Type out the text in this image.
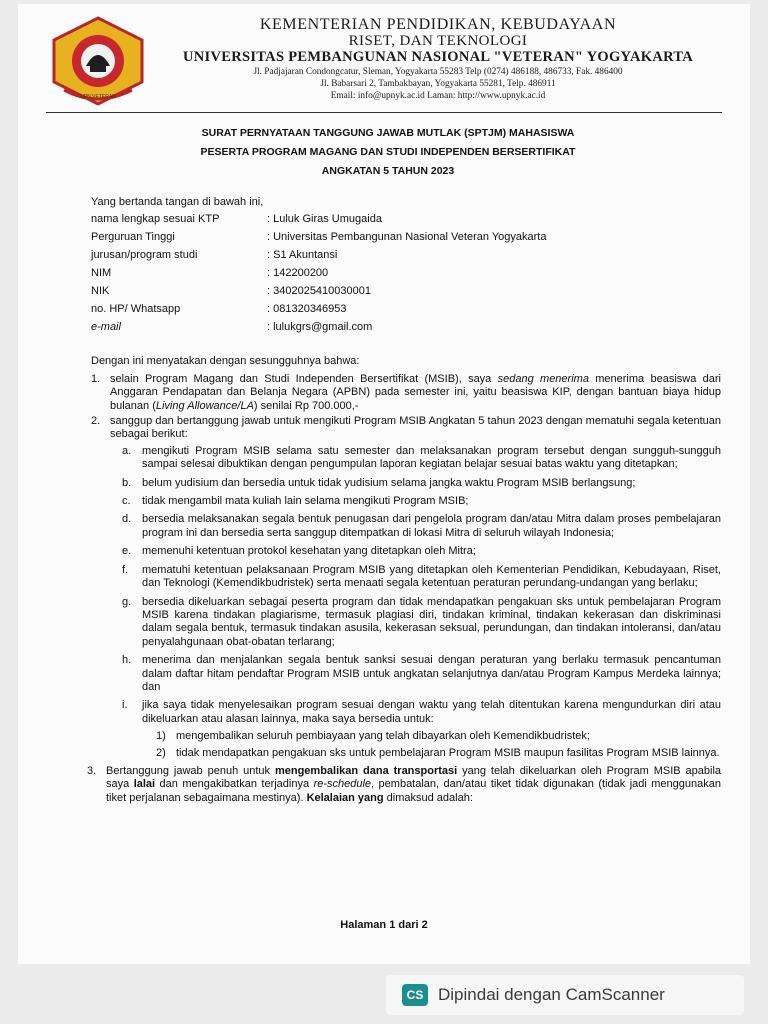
UPN VETERAN
KEMENTERIAN PENDIDIKAN, KEBUDAYAAN
RISET, DAN TEKNOLOGI
UNIVERSITAS PEMBANGUNAN NASIONAL "VETERAN" YOGYAKARTA
Jl. Padjajaran Condongcatur, Sleman, Yogyakarta 55283 Telp (0274) 486188, 486733, Fak. 486400
Jl. Babarsari 2, Tambakbayan, Yogyakarta 55281, Telp. 486911
Email: info@upnyk.ac.id Laman: http://www.upnyk.ac.id
SURAT PERNYATAAN TANGGUNG JAWAB MUTLAK (SPTJM) MAHASISWA
PESERTA PROGRAM MAGANG DAN STUDI INDEPENDEN BERSERTIFIKAT
ANGKATAN 5 TAHUN 2023
Yang bertanda tangan di bawah ini,
nama lengkap sesuai KTP	: Luluk Giras Umugaida
Perguruan Tinggi	: Universitas Pembangunan Nasional Veteran Yogyakarta
jurusan/program studi	: S1 Akuntansi
NIM	: 142200200
NIK	: 3402025410030001
no. HP/ Whatsapp	: 081320346953
e-mail	: lulukgrs@gmail.com
Dengan ini menyatakan dengan sesungguhnya bahwa:
1. selain Program Magang dan Studi Independen Bersertifikat (MSIB), saya sedang menerima menerima beasiswa dari Anggaran Pendapatan dan Belanja Negara (APBN) pada semester ini, yaitu beasiswa KIP, dengan bantuan biaya hidup bulanan (Living Allowance/LA) senilai Rp 700.000,-

2. sanggup dan bertanggung jawab untuk mengikuti Program MSIB Angkatan 5 tahun 2023 dengan mematuhi segala ketentuan sebagai berikut:

a. mengikuti Program MSIB selama satu semester dan melaksanakan program tersebut dengan sungguh-sungguh sampai selesai dibuktikan dengan pengumpulan laporan kegiatan belajar sesuai batas waktu yang ditetapkan;
b. belum yudisium dan bersedia untuk tidak yudisium selama jangka waktu Program MSIB berlangsung;
c. tidak mengambil mata kuliah lain selama mengikuti Program MSIB;
d. bersedia melaksanakan segala bentuk penugasan dari pengelola program dan/atau Mitra dalam proses pembelajaran program ini dan bersedia serta sanggup ditempatkan di lokasi Mitra di seluruh wilayah Indonesia;
e. memenuhi ketentuan protokol kesehatan yang ditetapkan oleh Mitra;
f. mematuhi ketentuan pelaksanaan Program MSIB yang ditetapkan oleh Kementerian Pendidikan, Kebudayaan, Riset, dan Teknologi (Kemendikbudristek) serta menaati segala ketentuan peraturan perundang-undangan yang berlaku;
g. bersedia dikeluarkan sebagai peserta program dan tidak mendapatkan pengakuan sks untuk pembelajaran Program MSIB karena tindakan plagiarisme, termasuk plagiasi diri, tindakan kriminal, tindakan kekerasan dan diskriminasi dalam segala bentuk, termasuk tindakan asusila, kekerasan seksual, perundungan, dan tindakan intoleransi, dan/atau penyalahgunaan obat-obatan terlarang;
h. menerima dan menjalankan segala bentuk sanksi sesuai dengan peraturan yang berlaku termasuk pencantuman dalam daftar hitam pendaftar Program MSIB untuk angkatan selanjutnya dan/atau Program Kampus Merdeka lainnya; dan
i. jika saya tidak menyelesaikan program sesuai dengan waktu yang telah ditentukan karena mengundurkan diri atau dikeluarkan atau alasan lainnya, maka saya bersedia untuk:
1) mengembalikan seluruh pembiayaan yang telah dibayarkan oleh Kemendikbudristek;
2) tidak mendapatkan pengakuan sks untuk pembelajaran Program MSIB maupun fasilitas Program MSIB lainnya.
3. Bertanggung jawab penuh untuk mengembalikan dana transportasi yang telah dikeluarkan oleh Program MSIB apabila saya lalai dan mengakibatkan terjadinya re-schedule, pembatalan, dan/atau tiket tidak digunakan (tidak jadi menggunakan tiket perjalanan sebagaimana mestinya). Kelalaian yang dimaksud adalah:

Halaman 1 dari 2
CS Dipindai dengan CamScanner
